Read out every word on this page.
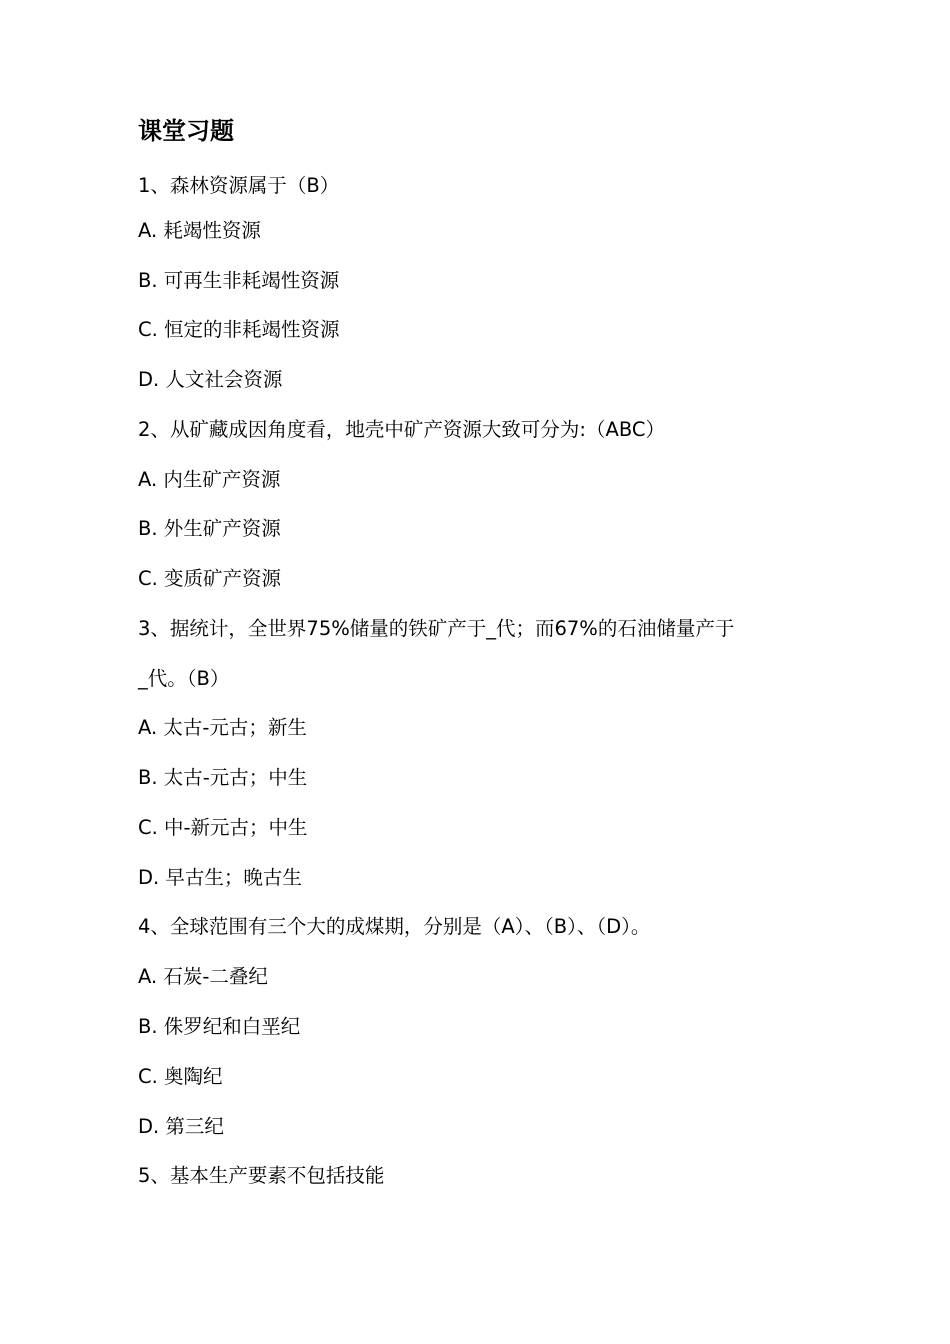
课堂习题
1、森林资源属于（B）
A. 耗竭性资源
B. 可再生非耗竭性资源
C. 恒定的非耗竭性资源
D. 人文社会资源
2、从矿藏成因角度看，地壳中矿产资源大致可分为:（ABC）
A. 内生矿产资源
B. 外生矿产资源
C. 变质矿产资源
3、据统计，全世界75%储量的铁矿产于_代；而67%的石油储量产于
_代。（B）
A. 太古-元古；新生
B. 太古-元古；中生
C. 中-新元古；中生
D. 早古生；晚古生
4、全球范围有三个大的成煤期，分别是（A）、（B）、（D）。
A. 石炭-二叠纪
B. 侏罗纪和白垩纪
C. 奥陶纪
D. 第三纪
5、基本生产要素不包括技能
